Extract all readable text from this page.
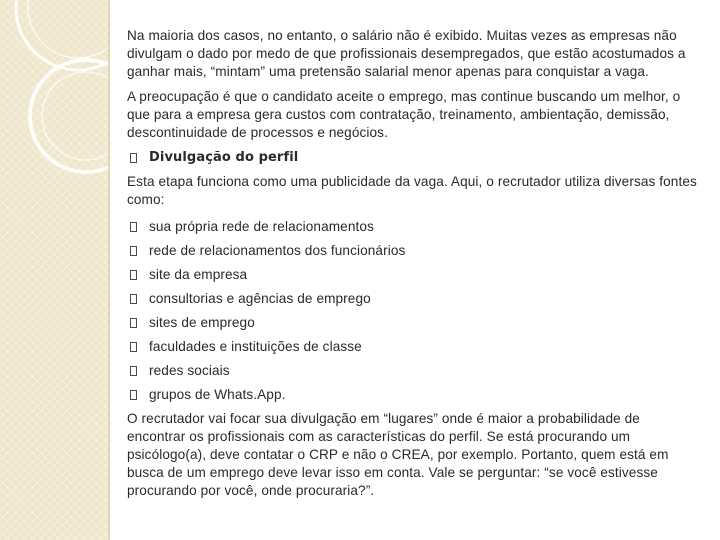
Na maioria dos casos, no entanto, o salário não é exibido. Muitas vezes as empresas não divulgam o dado por medo de que profissionais desempregados, que estão acostumados a ganhar mais, “mintam” uma pretensão salarial menor apenas para conquistar a vaga.

A preocupação é que o candidato aceite o emprego, mas continue buscando um melhor, o que para a empresa gera custos com contratação, treinamento, ambientação, demissão, descontinuidade de processos e negócios.

Divulgação do perfil

Esta etapa funciona como uma publicidade da vaga. Aqui, o recrutador utiliza diversas fontes como:

sua própria rede de relacionamentos
rede de relacionamentos dos funcionários
site da empresa
consultorias e agências de emprego
sites de emprego
faculdades e instituições de classe
redes sociais
grupos de Whats.App.

O recrutador vai focar sua divulgação em “lugares” onde é maior a probabilidade de encontrar os profissionais com as características do perfil. Se está procurando um psicólogo(a), deve contatar o CRP e não o CREA, por exemplo. Portanto, quem está em busca de um emprego deve levar isso em conta. Vale se perguntar: “se você estivesse procurando por você, onde procuraria?”.
